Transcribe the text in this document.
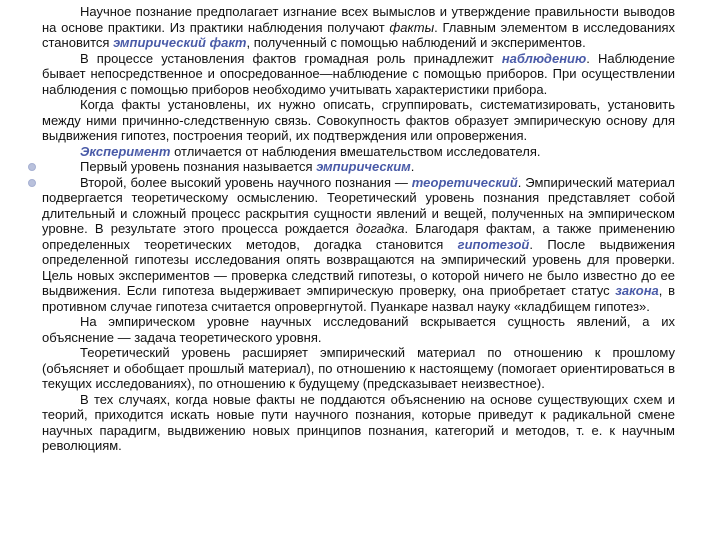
Научное познание предполагает изгнание всех вымыслов и утверждение правильности выводов на основе практики. Из практики наблюдения получают факты. Главным элементом в исследованиях становится эмпирический факт, полученный с помощью наблюдений и экспериментов.

В процессе установления фактов громадная роль принадлежит наблюдению. Наблюдение бывает непосредственное и опосредованное—наблюдение с помощью приборов. При осуществлении наблюдения с помощью приборов необходимо учитывать характеристики прибора.

Когда факты установлены, их нужно описать, сгруппировать, систематизировать, установить между ними причинно-следственную связь. Совокупность фактов образует эмпирическую основу для выдвижения гипотез, построения теорий, их подтверждения или опровержения.

Эксперимент отличается от наблюдения вмешательством исследователя.

Первый уровень познания называется эмпирическим.

Второй, более высокий уровень научного познания — теоретический. Эмпирический материал подвергается теоретическому осмыслению. Теоретический уровень познания представляет собой длительный и сложный процесс раскрытия сущности явлений и вещей, полученных на эмпирическом уровне. В результате этого процесса рождается догадка. Благодаря фактам, а также применению определенных теоретических методов, догадка становится гипотезой. После выдвижения определенной гипотезы исследования опять возвращаются на эмпирический уровень для проверки. Цель новых экспериментов — проверка следствий гипотезы, о которой ничего не было известно до ее выдвижения. Если гипотеза выдерживает эмпирическую проверку, она приобретает статус закона, в противном случае гипотеза считается опровергнутой. Пуанкаре назвал науку «кладбищем гипотез».

На эмпирическом уровне научных исследований вскрывается сущность явлений, а их объяснение — задача теоретического уровня.

Теоретический уровень расширяет эмпирический материал по отношению к прошлому (объясняет и обобщает прошлый материал), по отношению к настоящему (помогает ориентироваться в текущих исследованиях), по отношению к будущему (предсказывает неизвестное).

В тех случаях, когда новые факты не поддаются объяснению на основе существующих схем и теорий, приходится искать новые пути научного познания, которые приведут к радикальной смене научных парадигм, выдвижению новых принципов познания, категорий и методов, т. е. к научным революциям.
